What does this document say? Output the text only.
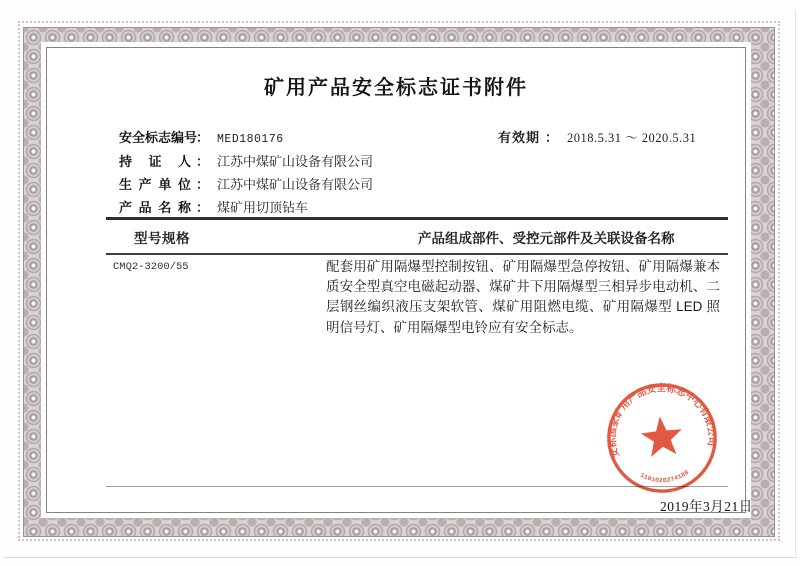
矿用产品安全标志证书附件
安全标志编号： MED180176	有效期 ： 2018.5.31 ～ 2020.5.31
持证人 ： 江苏中煤矿山设备有限公司
生产单位 ： 江苏中煤矿山设备有限公司
产品名称 ： 煤矿用切顶钻车
型号规格	产品组成部件、受控元部件及关联设备名称
CMQ2-3200/55	配套用矿用隔爆型控制按钮、矿用隔爆型急停按钮、矿用隔爆兼本质安全型真空电磁起动器、煤矿井下用隔爆型三相异步电动机、二层钢丝编织液压支架软管、煤矿用阻燃电缆、矿用隔爆型 LED 照明信号灯、矿用隔爆型电铃应有安全标志。
2019年3月21日
安标国家矿用产品安全标志中心有限公司
1101020274188
